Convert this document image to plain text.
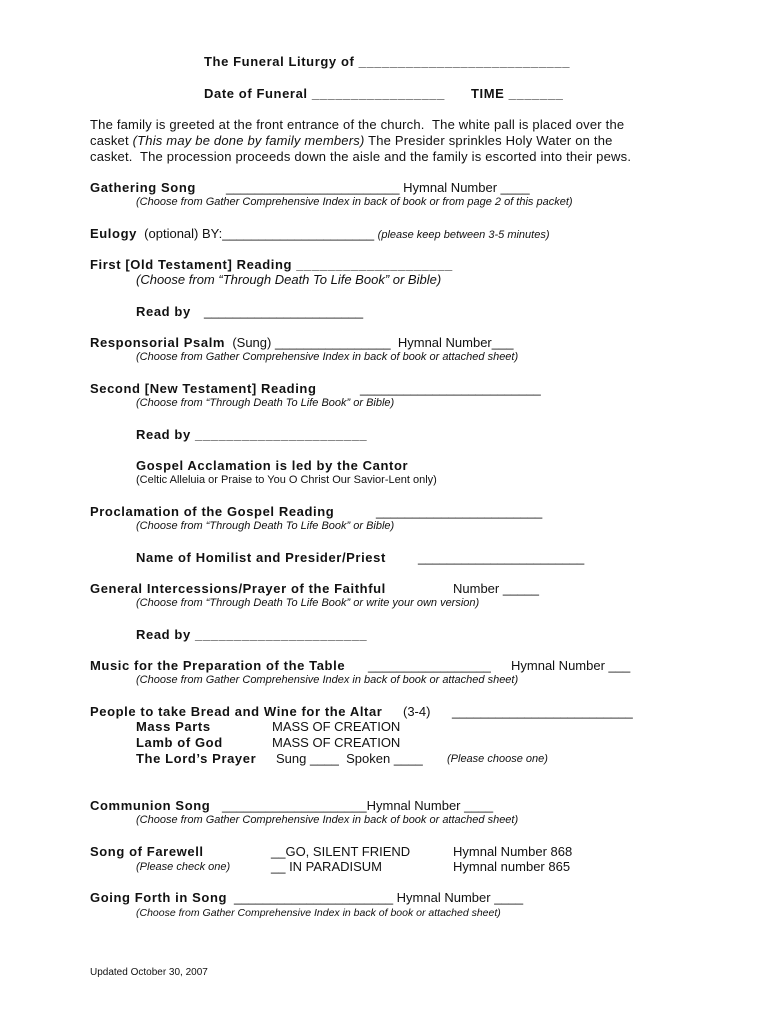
The Funeral Liturgy of ___________________________
Date of Funeral _________________ TIME _______
The family is greeted at the front entrance of the church.  The white pall is placed over the
casket (This may be done by family members) The Presider sprinkles Holy Water on the
casket.  The procession proceeds down the aisle and the family is escorted into their pews.
Gathering Song ________________________ Hymnal Number ____
(Choose from Gather Comprehensive Index in back of book or from page 2 of this packet)
Eulogy (optional) BY:_____________________ (please keep between 3-5 minutes)
First [Old Testament] Reading ____________________
(Choose from “Through Death To Life Book” or Bible)
Read by ______________________
Responsorial Psalm (Sung) ________________  Hymnal Number___
(Choose from Gather Comprehensive Index in back of book or attached sheet)
Second [New Testament] Reading	_________________________
(Choose from “Through Death To Life Book” or Bible)
Read by ______________________
Gospel Acclamation is led by the Cantor
(Celtic Alleluia or Praise to You O Christ Our Savior-Lent only)
Proclamation of the Gospel Reading	_______________________
(Choose from “Through Death To Life Book” or Bible)
Name of Homilist and Presider/Priest _______________________
General Intercessions/Prayer of the Faithful	Number _____
(Choose from “Through Death To Life Book” or write your own version)
Read by ______________________
Music for the Preparation of the Table _________________ Hymnal Number ___
(Choose from Gather Comprehensive Index in back of book or attached sheet)
People to take Bread and Wine for the Altar (3-4) _________________________
Mass Parts	MASS OF CREATION
Lamb of God	MASS OF CREATION
The Lord’s Prayer Sung ____  Spoken ____ (Please choose one)
Communion Song ____________________Hymnal Number ____
(Choose from Gather Comprehensive Index in back of book or attached sheet)
Song of Farewell	__GO, SILENT FRIEND	Hymnal Number 868
(Please check one)	__ IN PARADISUM	Hymnal number 865
Going Forth in Song ______________________ Hymnal Number ____
(Choose from Gather Comprehensive Index in back of book or attached sheet)
Updated October 30, 2007
